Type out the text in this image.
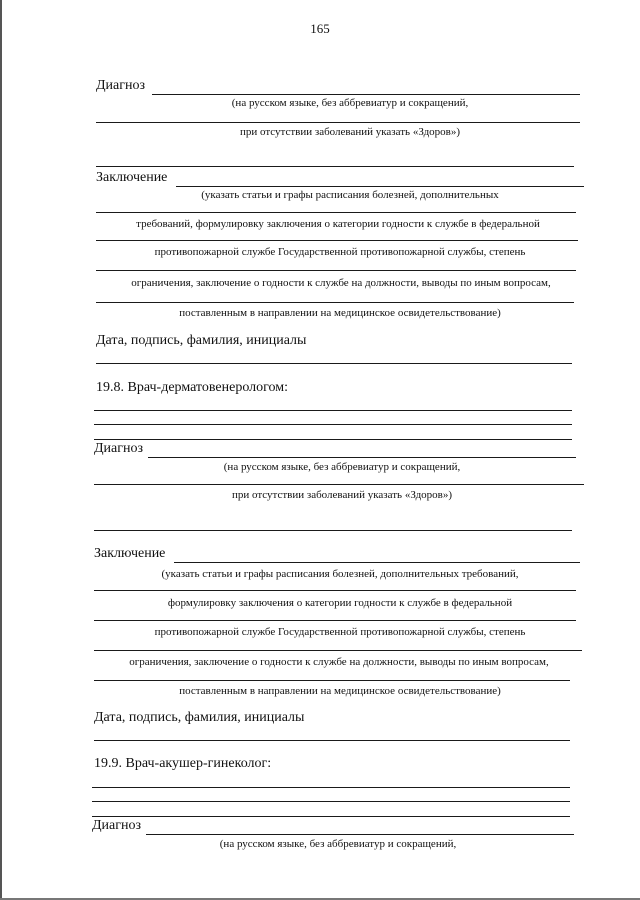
165
Диагноз
(на русском языке, без аббревиатур и сокращений,
при отсутствии заболеваний указать «Здоров»)
Заключение
(указать статьи и графы расписания болезней, дополнительных
требований, формулировку заключения о категории годности к службе в федеральной
противопожарной службе Государственной противопожарной службы, степень
ограничения, заключение о годности к службе на должности, выводы по иным вопросам,
поставленным в направлении на медицинское освидетельствование)
Дата, подпись, фамилия, инициалы
19.8. Врач-дерматовенерологом:
Диагноз
(на русском языке, без аббревиатур и сокращений,
при отсутствии заболеваний указать «Здоров»)
Заключение
(указать статьи и графы расписания болезней, дополнительных требований,
формулировку заключения о категории годности к службе в федеральной
противопожарной службе Государственной противопожарной службы, степень
ограничения, заключение о годности к службе на должности, выводы по иным вопросам,
поставленным в направлении на медицинское освидетельствование)
Дата, подпись, фамилия, инициалы
19.9. Врач-акушер-гинеколог:
Диагноз
(на русском языке, без аббревиатур и сокращений,
